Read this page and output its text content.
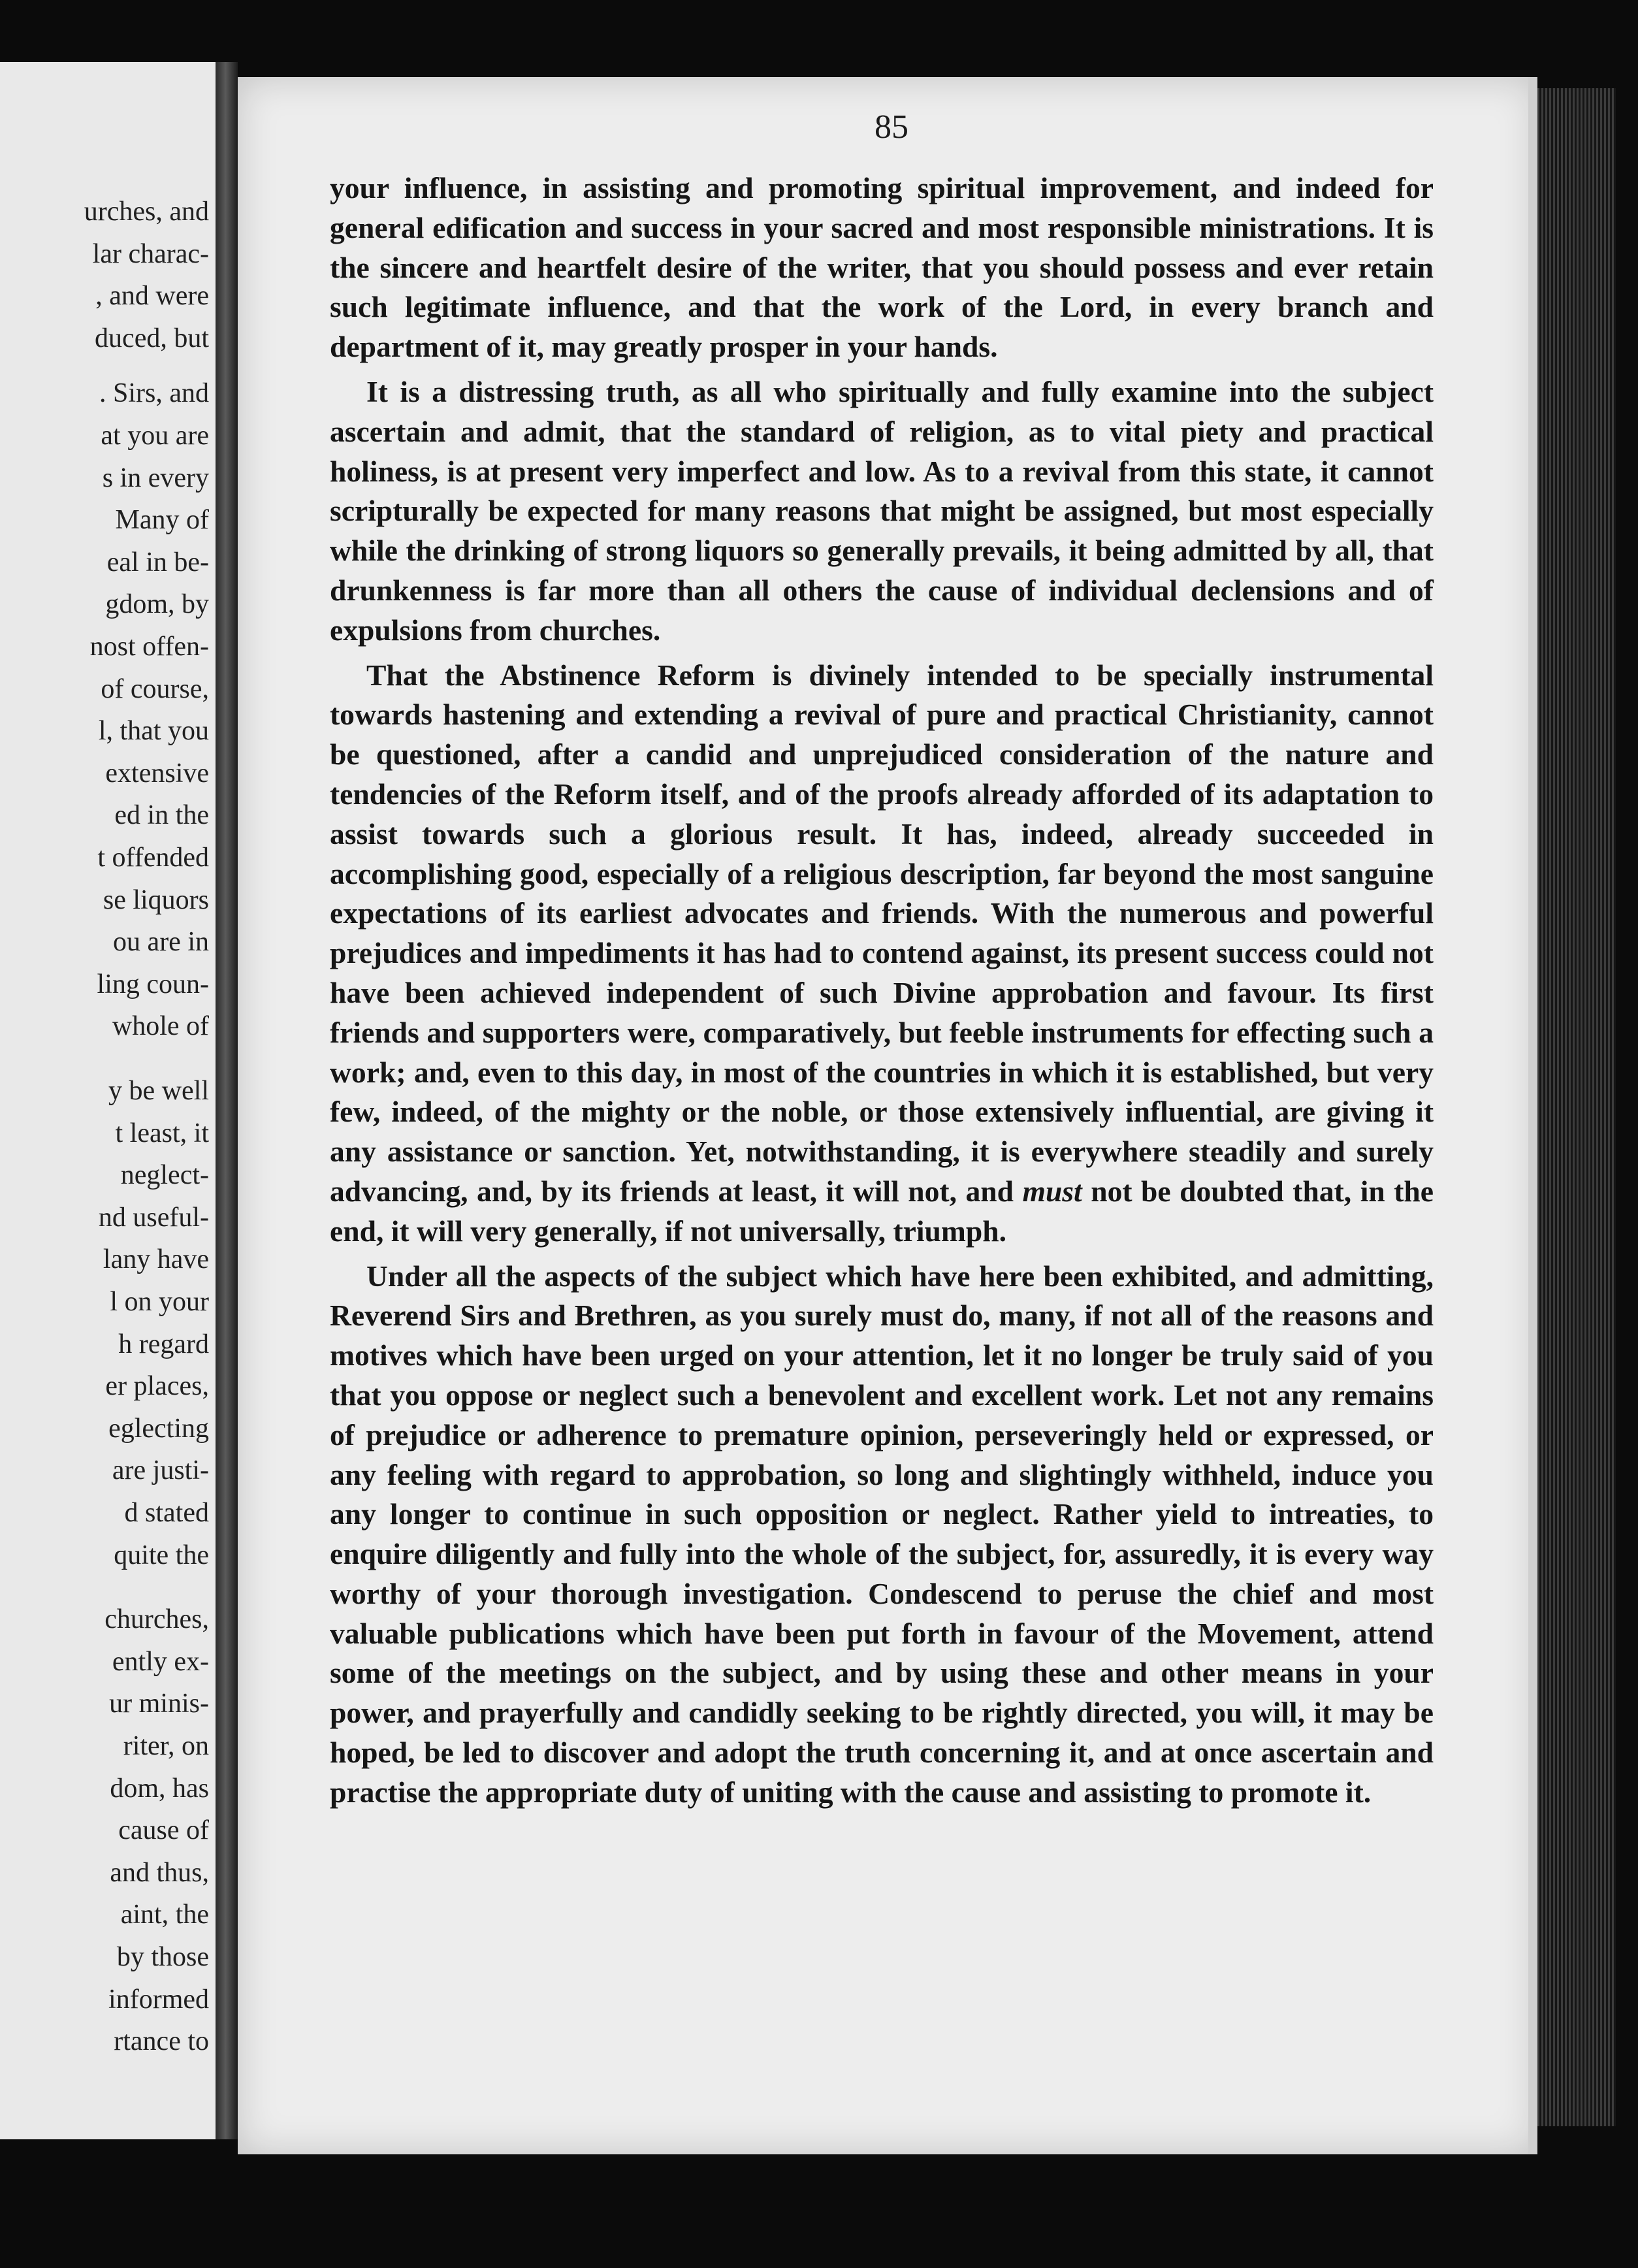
urches, and
lar charac-
, and were
duced, but
. Sirs, and
at you are
s in every
Many of
eal in be-
gdom, by
nost offen-
of course,
l, that you
extensive
ed in the
t offended
se liquors
ou are in
ling coun-
whole of
y be well
t least, it
neglect-
nd useful-
lany have
l on your
h regard
er places,
eglecting
are justi-
d stated
quite the
churches,
ently ex-
ur minis-
riter, on
dom, has
cause of
and thus,
aint, the
by those
informed
rtance to
85

your influence, in assisting and promoting spiritual improvement, and indeed for general edification and success in your sacred and most responsible ministrations. It is the sincere and heartfelt desire of the writer, that you should possess and ever retain such legitimate influence, and that the work of the Lord, in every branch and department of it, may greatly prosper in your hands.

It is a distressing truth, as all who spiritually and fully examine into the subject ascertain and admit, that the standard of religion, as to vital piety and practical holiness, is at present very imperfect and low. As to a revival from this state, it cannot scripturally be expected for many reasons that might be assigned, but most especially while the drinking of strong liquors so generally prevails, it being admitted by all, that drunkenness is far more than all others the cause of individual declensions and of expulsions from churches.

That the Abstinence Reform is divinely intended to be specially instrumental towards hastening and extending a revival of pure and practical Christianity, cannot be questioned, after a candid and unprejudiced consideration of the nature and tendencies of the Reform itself, and of the proofs already afforded of its adaptation to assist towards such a glorious result. It has, indeed, already succeeded in accomplishing good, especially of a religious description, far beyond the most sanguine expectations of its earliest advocates and friends. With the numerous and powerful prejudices and impediments it has had to contend against, its present success could not have been achieved independent of such Divine approbation and favour. Its first friends and supporters were, comparatively, but feeble instruments for effecting such a work; and, even to this day, in most of the countries in which it is established, but very few, indeed, of the mighty or the noble, or those extensively influential, are giving it any assistance or sanction. Yet, notwithstanding, it is everywhere steadily and surely advancing, and, by its friends at least, it will not, and must not be doubted that, in the end, it will very generally, if not universally, triumph.

Under all the aspects of the subject which have here been exhibited, and admitting, Reverend Sirs and Brethren, as you surely must do, many, if not all of the reasons and motives which have been urged on your attention, let it no longer be truly said of you that you oppose or neglect such a benevolent and excellent work. Let not any remains of prejudice or adherence to premature opinion, perseveringly held or expressed, or any feeling with regard to approbation, so long and slightingly withheld, induce you any longer to continue in such opposition or neglect. Rather yield to intreaties, to enquire diligently and fully into the whole of the subject, for, assuredly, it is every way worthy of your thorough investigation. Condescend to peruse the chief and most valuable publications which have been put forth in favour of the Movement, attend some of the meetings on the subject, and by using these and other means in your power, and prayerfully and candidly seeking to be rightly directed, you will, it may be hoped, be led to discover and adopt the truth concerning it, and at once ascertain and practise the appropriate duty of uniting with the cause and assisting to promote it.
